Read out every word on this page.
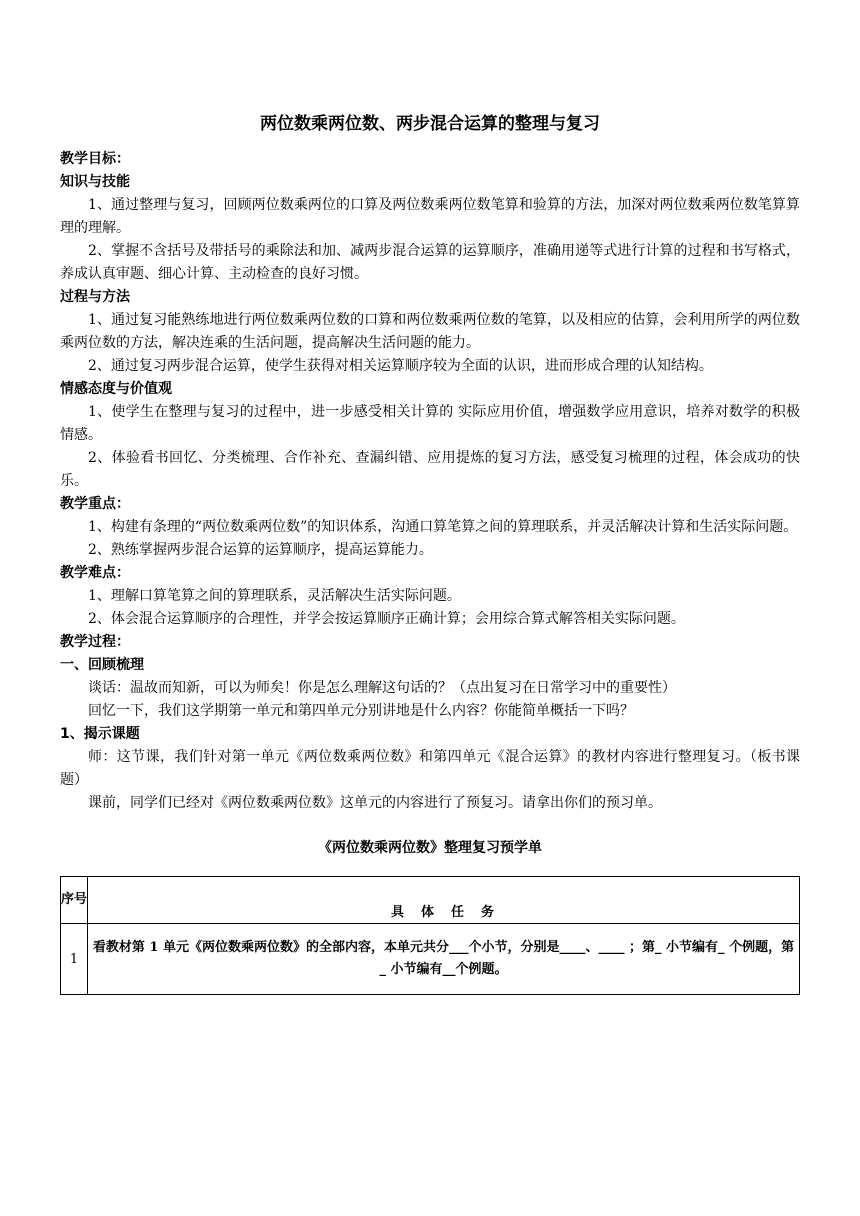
两位数乘两位数、两步混合运算的整理与复习
教学目标：
知识与技能
1、通过整理与复习，回顾两位数乘两位的口算及两位数乘两位数笔算和验算的方法，加深对两位数乘两位数笔算算理的理解。
2、掌握不含括号及带括号的乘除法和加、减两步混合运算的运算顺序，准确用递等式进行计算的过程和书写格式，养成认真审题、细心计算、主动检查的良好习惯。
过程与方法
1、通过复习能熟练地进行两位数乘两位数的口算和两位数乘两位数的笔算，以及相应的估算，会利用所学的两位数乘两位数的方法，解决连乘的生活问题，提高解决生活问题的能力。
2、通过复习两步混合运算，使学生获得对相关运算顺序较为全面的认识，进而形成合理的认知结构。
情感态度与价值观
1、使学生在整理与复习的过程中，进一步感受相关计算的 实际应用价值，增强数学应用意识，培养对数学的积极情感。
2、体验看书回忆、分类梳理、合作补充、查漏纠错、应用提炼的复习方法，感受复习梳理的过程，体会成功的快乐。
教学重点：
1、构建有条理的“两位数乘两位数”的知识体系，沟通口算笔算之间的算理联系，并灵活解决计算和生活实际问题。
2、熟练掌握两步混合运算的运算顺序，提高运算能力。
教学难点：
1、理解口算笔算之间的算理联系，灵活解决生活实际问题。
2、体会混合运算顺序的合理性，并学会按运算顺序正确计算；会用综合算式解答相关实际问题。
教学过程：
一、回顾梳理
谈话：温故而知新，可以为师矣！你是怎么理解这句话的？（点出复习在日常学习中的重要性）
回忆一下，我们这学期第一单元和第四单元分别讲地是什么内容？你能简单概括一下吗？
1、揭示课题
师：这节课，我们针对第一单元《两位数乘两位数》和第四单元《混合运算》的教材内容进行整理复习。（板书课题）
课前，同学们已经对《两位数乘两位数》这单元的内容进行了预复习。请拿出你们的预习单。
《两位数乘两位数》整理复习预学单
序号	具　体　任　务
1	看教材第 1 单元《两位数乘两位数》的全部内容，本单元共分___个小节，分别是____、____ ；第_ 小节编有_ 个例题，第_ 小节编有__个例题。
